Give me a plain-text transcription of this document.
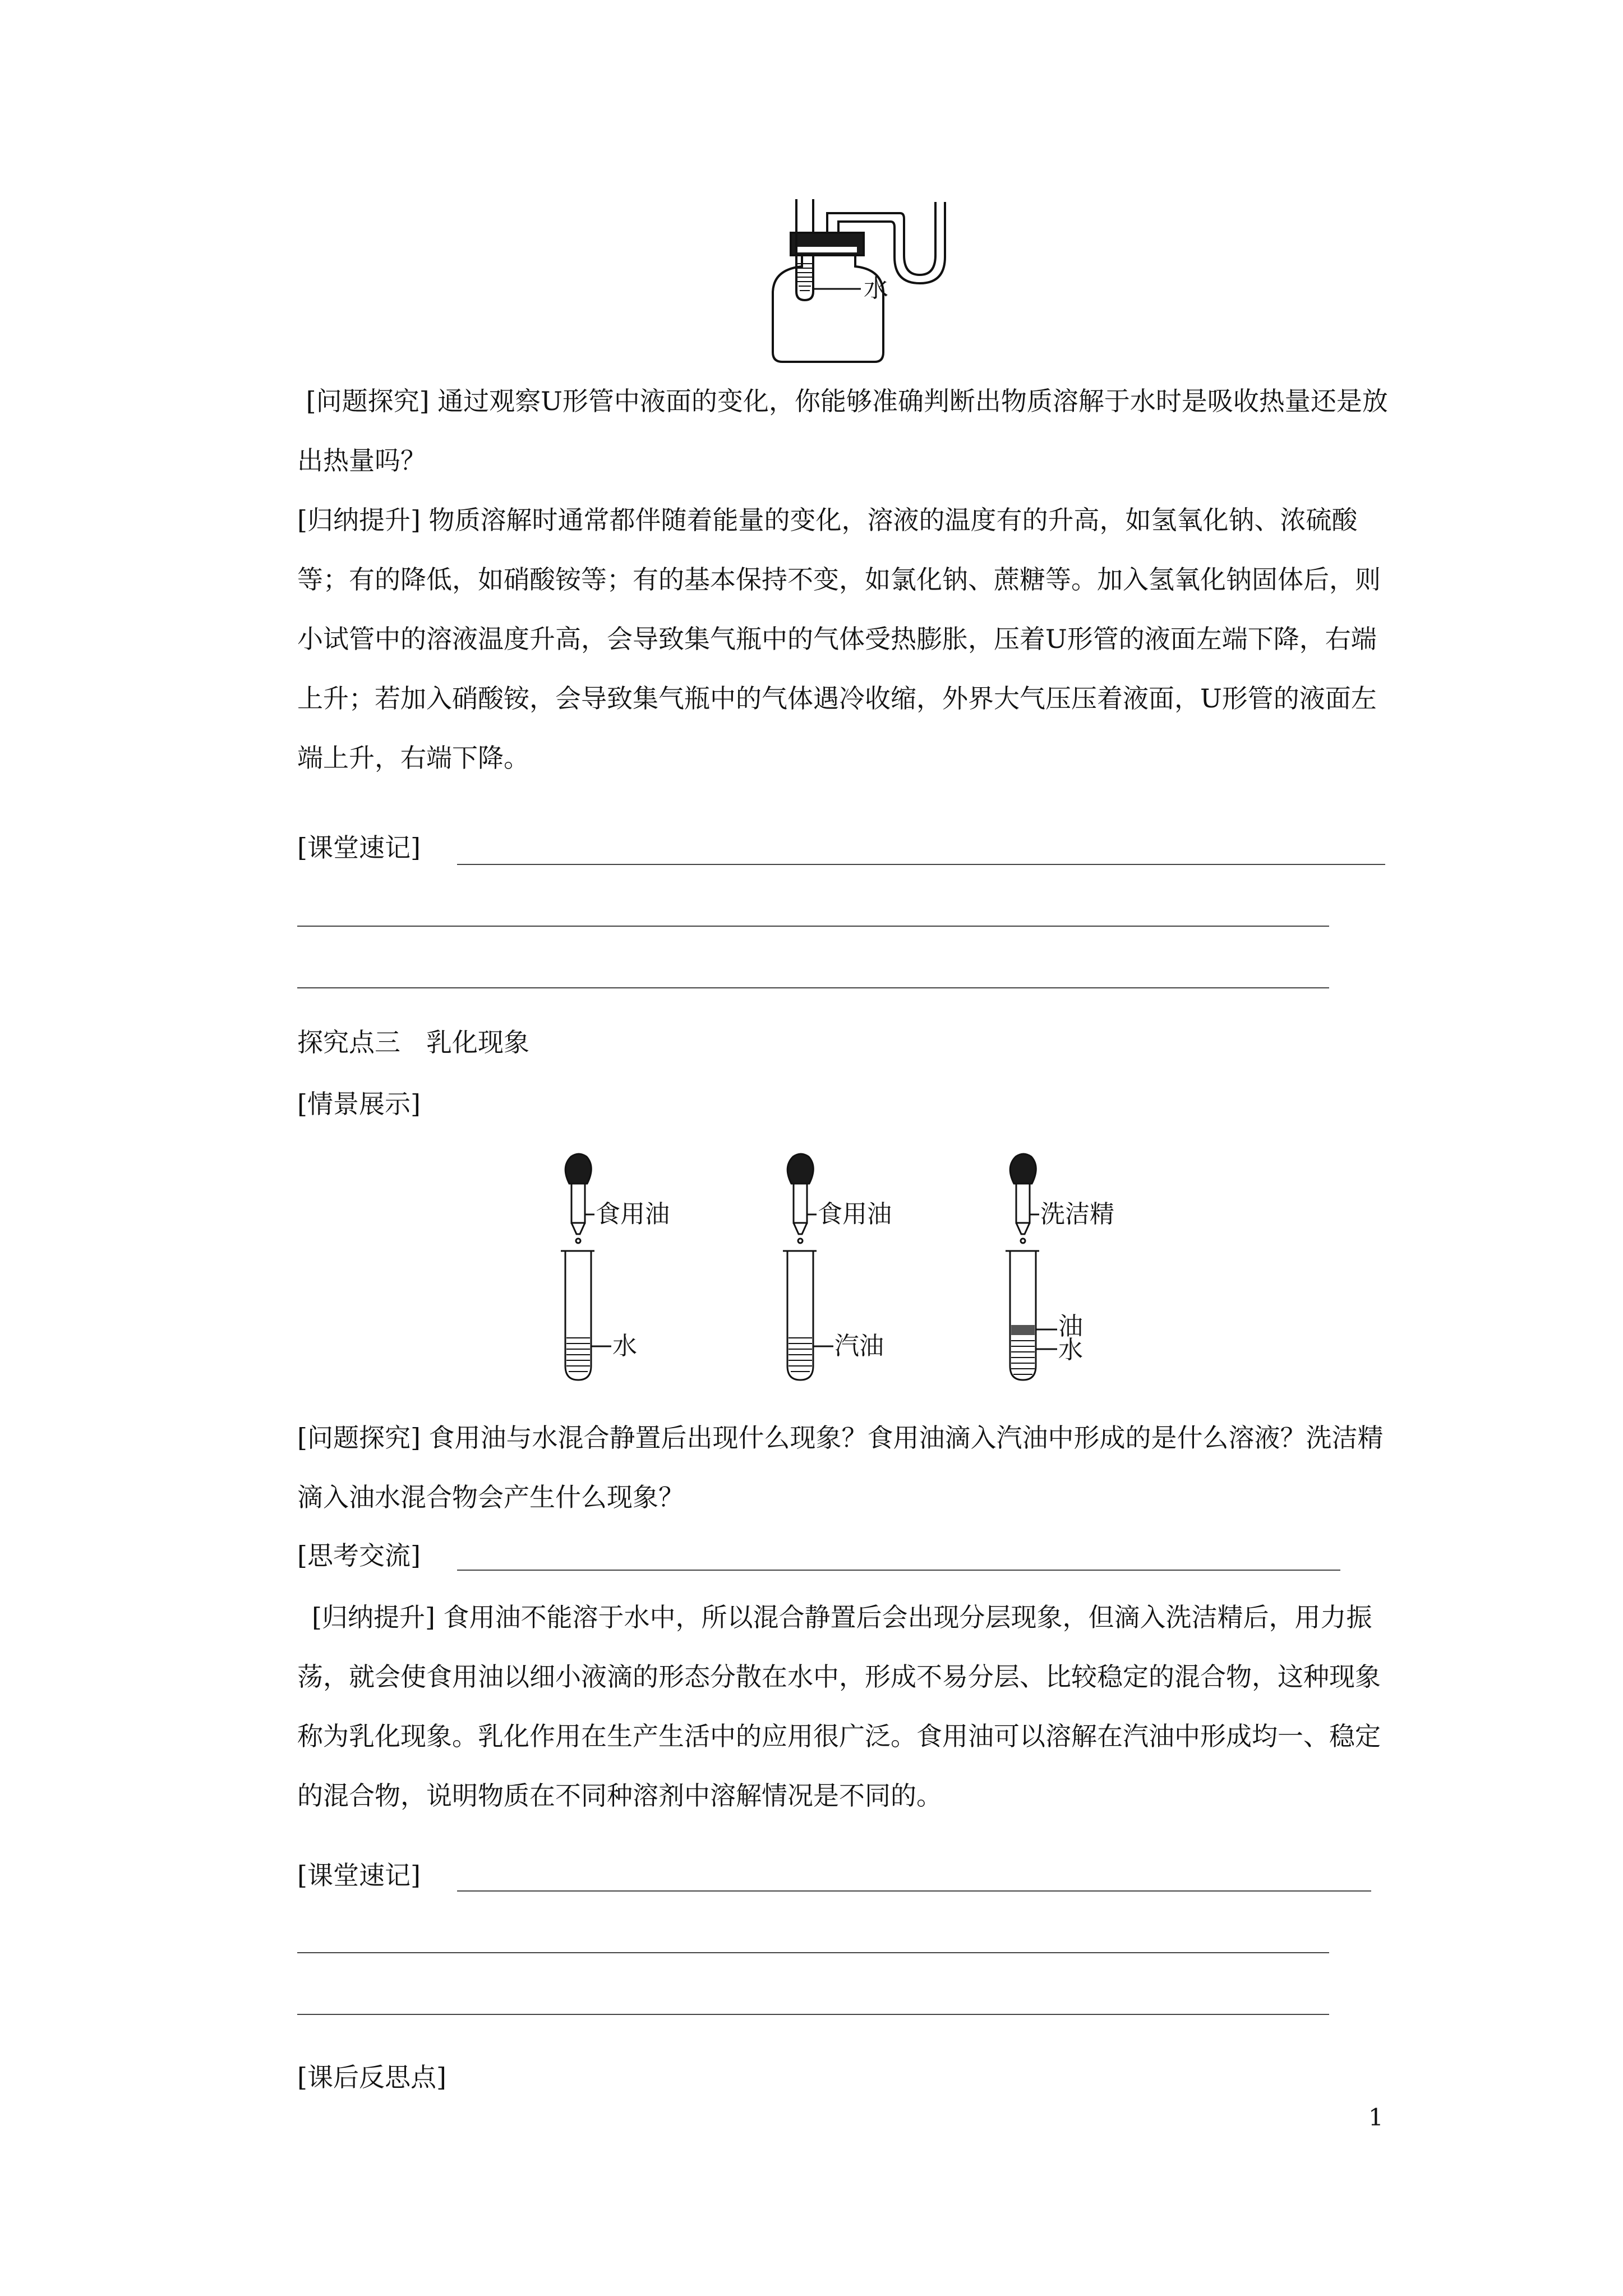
水
[问题探究] 通过观察U形管中液面的变化，你能够准确判断出物质溶解于水时是吸收热量还是放出热量吗？
[归纳提升] 物质溶解时通常都伴随着能量的变化，溶液的温度有的升高，如氢氧化钠、浓硫酸等；有的降低，如硝酸铵等；有的基本保持不变，如氯化钠、蔗糖等。加入氢氧化钠固体后，则小试管中的溶液温度升高，会导致集气瓶中的气体受热膨胀，压着U形管的液面左端下降，右端上升；若加入硝酸铵，会导致集气瓶中的气体遇冷收缩，外界大气压压着液面，U形管的液面左端上升，右端下降。
[课堂速记]
探究点三　乳化现象
[情景展示]
食用油
水
食用油
汽油
洗洁精
油
水
[问题探究] 食用油与水混合静置后出现什么现象？食用油滴入汽油中形成的是什么溶液？洗洁精滴入油水混合物会产生什么现象？
[思考交流]
[归纳提升] 食用油不能溶于水中，所以混合静置后会出现分层现象，但滴入洗洁精后，用力振荡，就会使食用油以细小液滴的形态分散在水中，形成不易分层、比较稳定的混合物，这种现象称为乳化现象。乳化作用在生产生活中的应用很广泛。食用油可以溶解在汽油中形成均一、稳定的混合物，说明物质在不同种溶剂中溶解情况是不同的。
[课堂速记]
[课后反思点]
1
